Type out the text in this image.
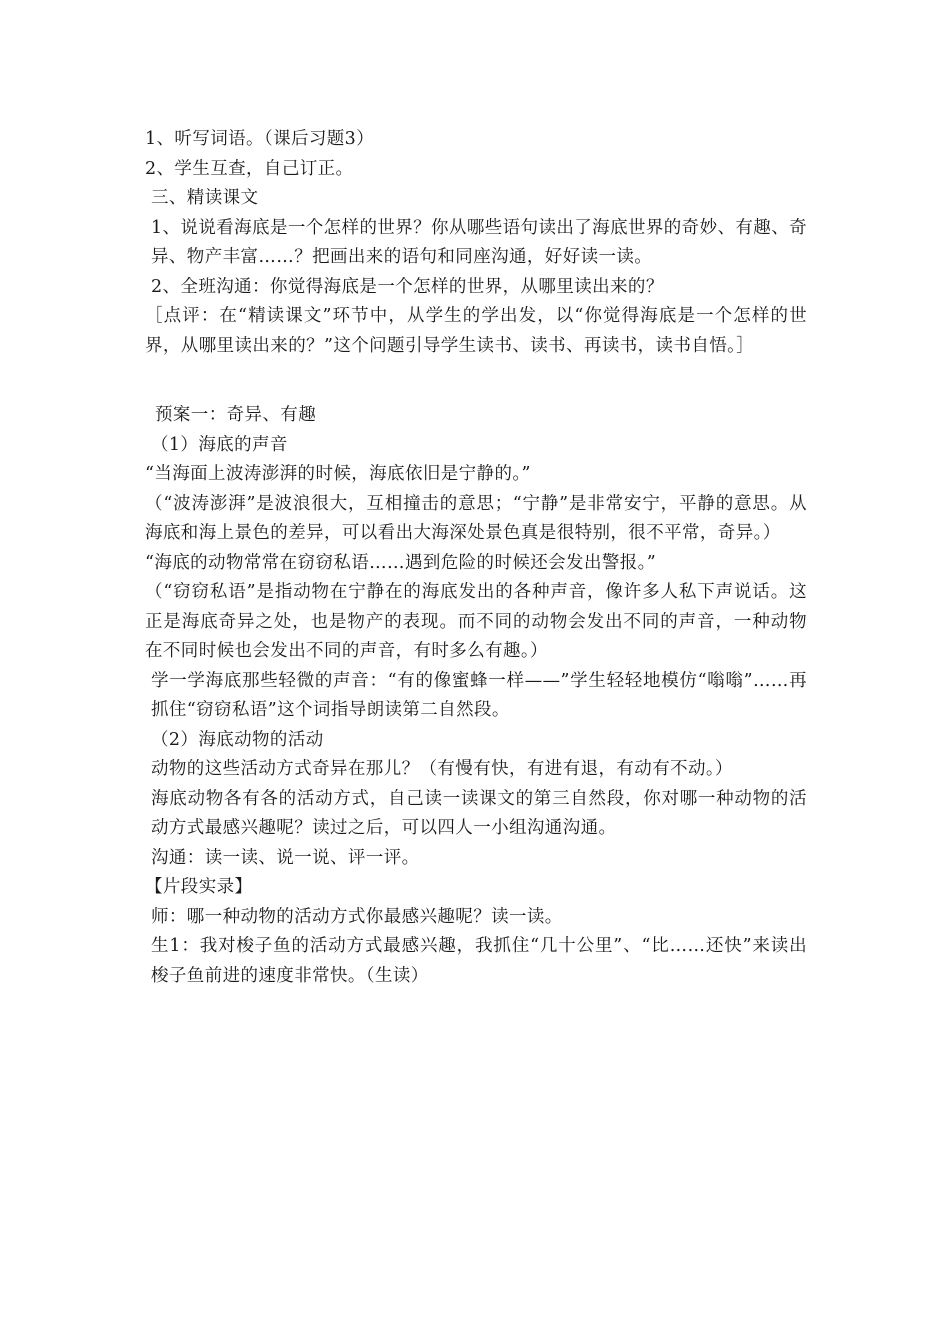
1、听写词语。（课后习题3）

2、学生互查，自己订正。

三、精读课文

1、说说看海底是一个怎样的世界？你从哪些语句读出了海底世界的奇妙、有趣、奇异、物产丰富……？把画出来的语句和同座沟通，好好读一读。

2、全班沟通：你觉得海底是一个怎样的世界，从哪里读出来的？

［点评：在“精读课文”环节中，从学生的学出发，以“你觉得海底是一个怎样的世界，从哪里读出来的？”这个问题引导学生读书、读书、再读书，读书自悟。］

预案一：奇异、有趣

（1）海底的声音

“当海面上波涛澎湃的时候，海底依旧是宁静的。”

（“波涛澎湃”是波浪很大，互相撞击的意思；“宁静”是非常安宁，平静的意思。从海底和海上景色的差异，可以看出大海深处景色真是很特别，很不平常，奇异。）

“海底的动物常常在窃窃私语……遇到危险的时候还会发出警报。”

（“窃窃私语”是指动物在宁静在的海底发出的各种声音，像许多人私下声说话。这正是海底奇异之处，也是物产的表现。而不同的动物会发出不同的声音，一种动物在不同时候也会发出不同的声音，有时多么有趣。）

学一学海底那些轻微的声音：“有的像蜜蜂一样——”学生轻轻地模仿“嗡嗡”……再抓住“窃窃私语”这个词指导朗读第二自然段。

（2）海底动物的活动

动物的这些活动方式奇异在那儿？（有慢有快，有进有退，有动有不动。）

海底动物各有各的活动方式，自己读一读课文的第三自然段，你对哪一种动物的活动方式最感兴趣呢？读过之后，可以四人一小组沟通沟通。

沟通：读一读、说一说、评一评。

【片段实录】

师：哪一种动物的活动方式你最感兴趣呢？读一读。

生1：我对梭子鱼的活动方式最感兴趣，我抓住“几十公里”、“比……还快”来读出梭子鱼前进的速度非常快。（生读）
